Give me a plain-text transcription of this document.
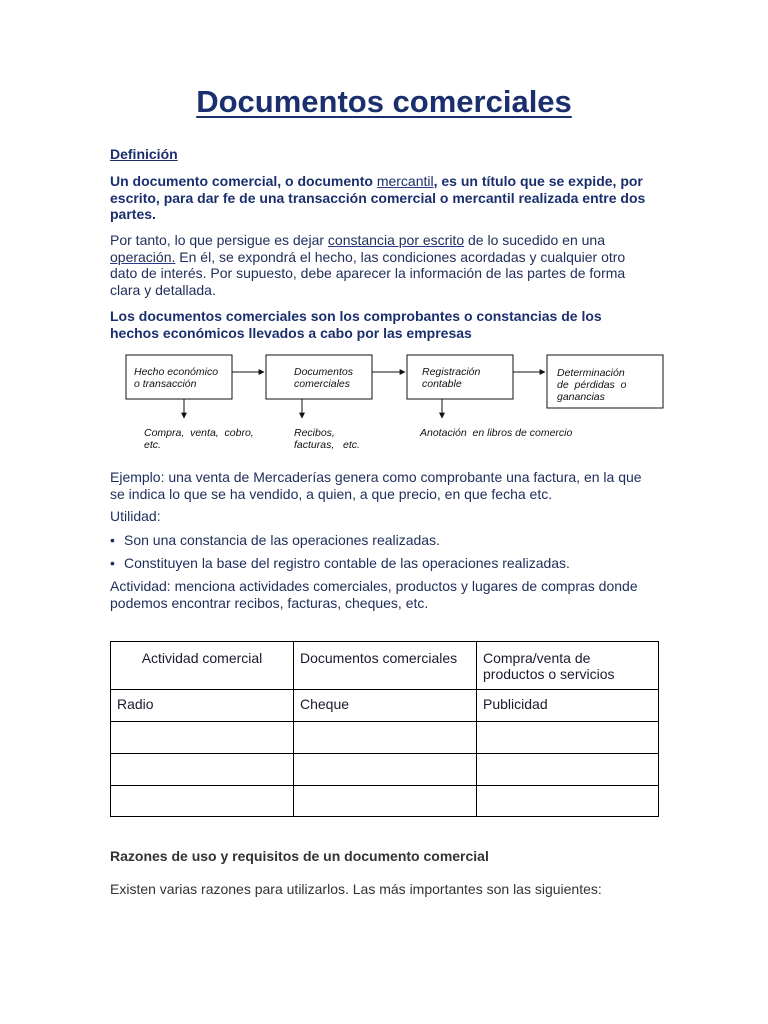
Documentos comerciales
Definición
Un documento comercial, o documento mercantil, es un título que se expide, por
escrito, para dar fe de una transacción comercial o mercantil realizada entre dos
partes.
Por tanto, lo que persigue es dejar constancia por escrito de lo sucedido en una
operación. En él, se expondrá el hecho, las condiciones acordadas y cualquier otro
dato de interés. Por supuesto, debe aparecer la información de las partes de forma
clara y detallada.
Los documentos comerciales son los comprobantes o constancias de los
hechos económicos llevados a cabo por las empresas
Hecho económico
o transacción
Documentos
comerciales
Registración
contable
Determinación
de  pérdidas  o
ganancias
Compra,  venta,  cobro,
etc.
Recibos,
facturas,   etc.
Anotación  en libros de comercio
Ejemplo: una venta de Mercaderías genera como comprobante una factura, en la que
se indica lo que se ha vendido, a quien, a que precio, en que fecha etc.
Utilidad:
• Son una constancia de las operaciones realizadas.
• Constituyen la base del registro contable de las operaciones realizadas.
Actividad: menciona actividades comerciales, productos y lugares de compras donde
podemos encontrar recibos, facturas, cheques, etc.
Actividad comercial	Documentos comerciales	Compra/venta de
productos o servicios

Radio	Cheque	Publicidad

Razones de uso y requisitos de un documento comercial
Existen varias razones para utilizarlos. Las más importantes son las siguientes:
